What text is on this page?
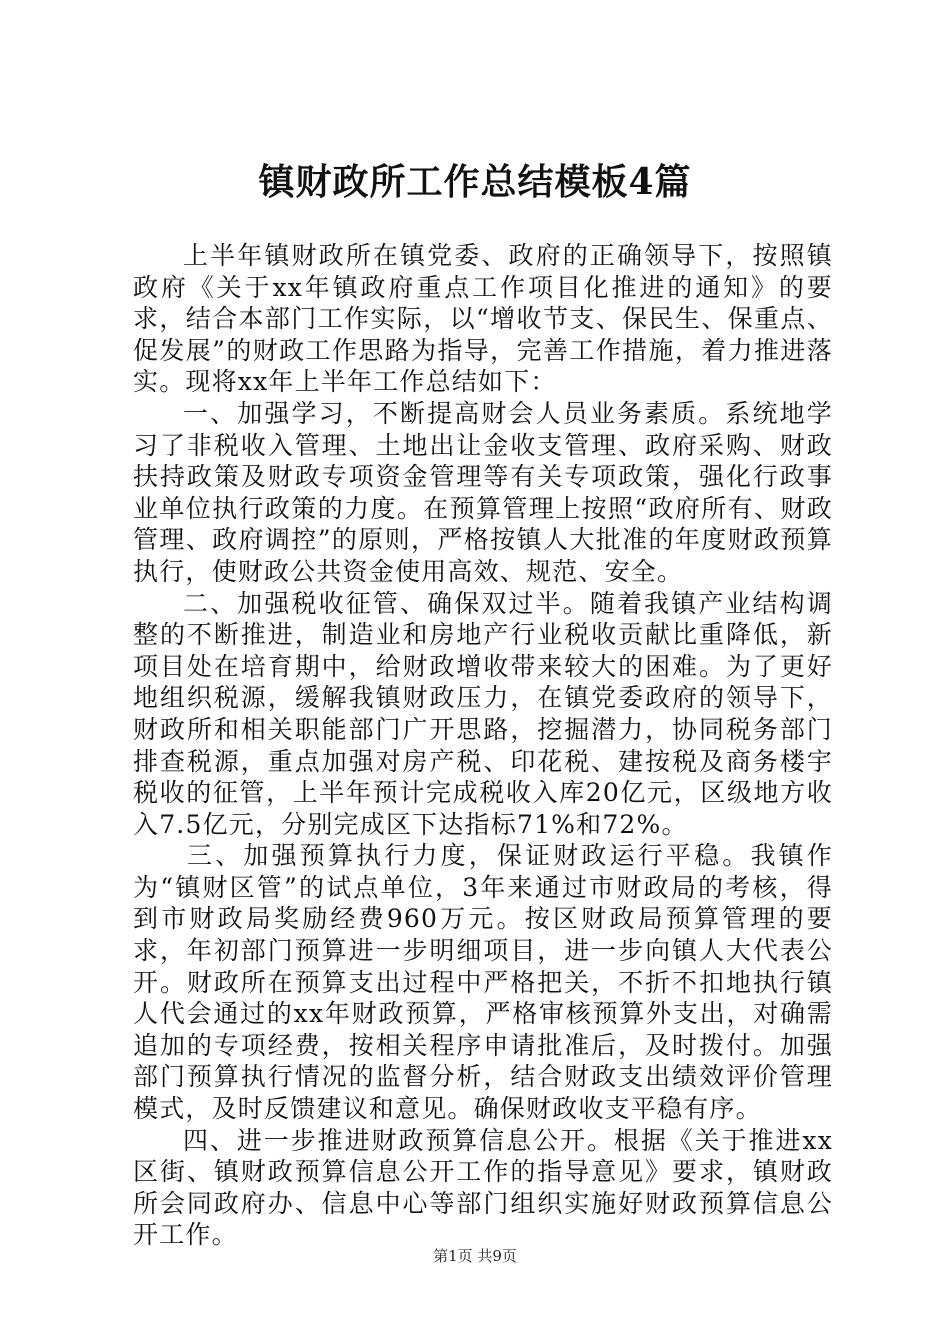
镇财政所工作总结模板4篇

上半年镇财政所在镇党委、政府的正确领导下，按照镇政府《关于xx年镇政府重点工作项目化推进的通知》的要求，结合本部门工作实际，以“增收节支、保民生、保重点、促发展”的财政工作思路为指导，完善工作措施，着力推进落实。现将xx年上半年工作总结如下：

一、加强学习，不断提高财会人员业务素质。系统地学习了非税收入管理、土地出让金收支管理、政府采购、财政扶持政策及财政专项资金管理等有关专项政策，强化行政事业单位执行政策的力度。在预算管理上按照“政府所有、财政管理、政府调控”的原则，严格按镇人大批准的年度财政预算执行，使财政公共资金使用高效、规范、安全。

二、加强税收征管、确保双过半。随着我镇产业结构调整的不断推进，制造业和房地产行业税收贡献比重降低，新项目处在培育期中，给财政增收带来较大的困难。为了更好地组织税源，缓解我镇财政压力，在镇党委政府的领导下，财政所和相关职能部门广开思路，挖掘潜力，协同税务部门排查税源，重点加强对房产税、印花税、建按税及商务楼宇税收的征管，上半年预计完成税收入库20亿元，区级地方收入7.5亿元，分别完成区下达指标71%和72%。

三、加强预算执行力度，保证财政运行平稳。我镇作为“镇财区管”的试点单位，3年来通过市财政局的考核，得到市财政局奖励经费960万元。按区财政局预算管理的要求，年初部门预算进一步明细项目，进一步向镇人大代表公开。财政所在预算支出过程中严格把关，不折不扣地执行镇人代会通过的xx年财政预算，严格审核预算外支出，对确需追加的专项经费，按相关程序申请批准后，及时拨付。加强部门预算执行情况的监督分析，结合财政支出绩效评价管理模式，及时反馈建议和意见。确保财政收支平稳有序。

四、进一步推进财政预算信息公开。根据《关于推进xx区街、镇财政预算信息公开工作的指导意见》要求，镇财政所会同政府办、信息中心等部门组织实施好财政预算信息公开工作。

第1页 共9页
